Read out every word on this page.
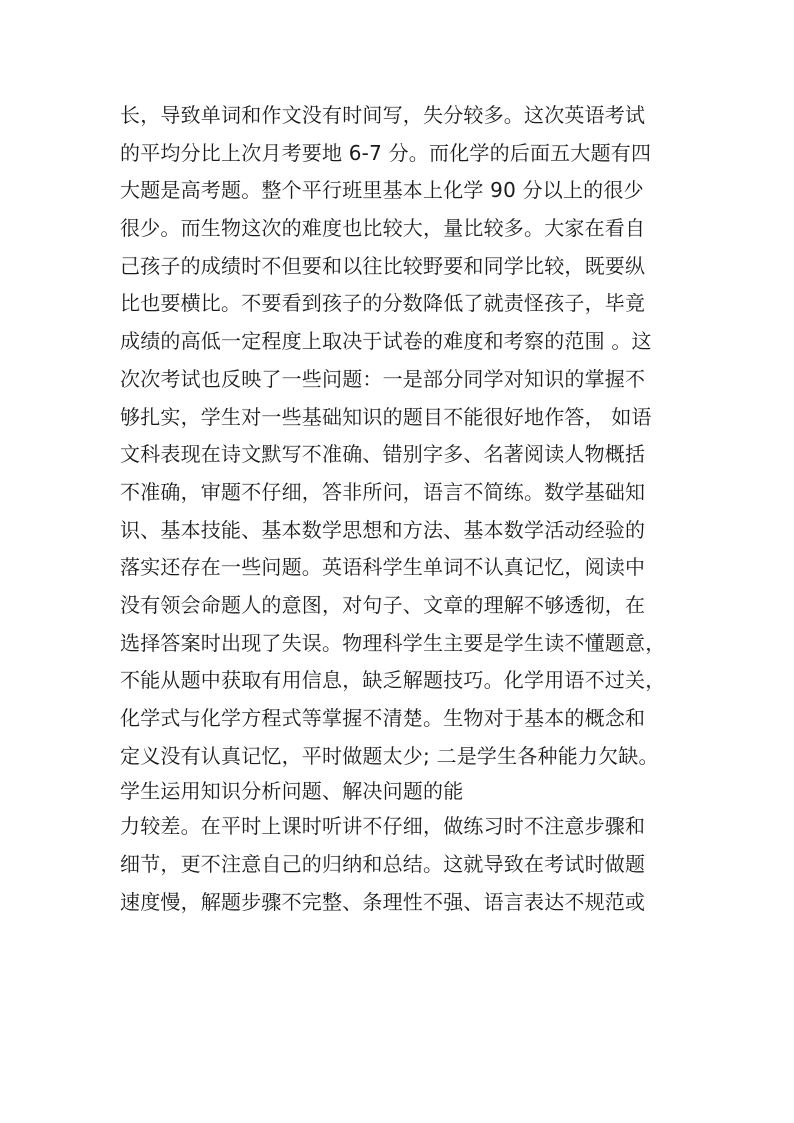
长，导致单词和作文没有时间写，失分较多。这次英语考试
的平均分比上次月考要地 6-7 分。而化学的后面五大题有四
大题是高考题。整个平行班里基本上化学 90 分以上的很少
很少。而生物这次的难度也比较大，量比较多。大家在看自
己孩子的成绩时不但要和以往比较野要和同学比较，既要纵
比也要横比。不要看到孩子的分数降低了就责怪孩子，毕竟
成绩的高低一定程度上取决于试卷的难度和考察的范围 。这
次次考试也反映了一些问题：一是部分同学对知识的掌握不
够扎实，学生对一些基础知识的题目不能很好地作答， 如语
文科表现在诗文默写不准确、错别字多、名著阅读人物概括
不准确，审题不仔细，答非所问，语言不简练。数学基础知
识、基本技能、基本数学思想和方法、基本数学活动经验的
落实还存在一些问题。英语科学生单词不认真记忆，阅读中
没有领会命题人的意图，对句子、文章的理解不够透彻，在
选择答案时出现了失误。物理科学生主要是学生读不懂题意，
不能从题中获取有用信息，缺乏解题技巧。化学用语不过关，
化学式与化学方程式等掌握不清楚。生物对于基本的概念和
定义没有认真记忆，平时做题太少; 二是学生各种能力欠缺。
学生运用知识分析问题、解决问题的能
力较差。在平时上课时听讲不仔细，做练习时不注意步骤和
细节，更不注意自己的归纳和总结。这就导致在考试时做题
速度慢，解题步骤不完整、条理性不强、语言表达不规范或
